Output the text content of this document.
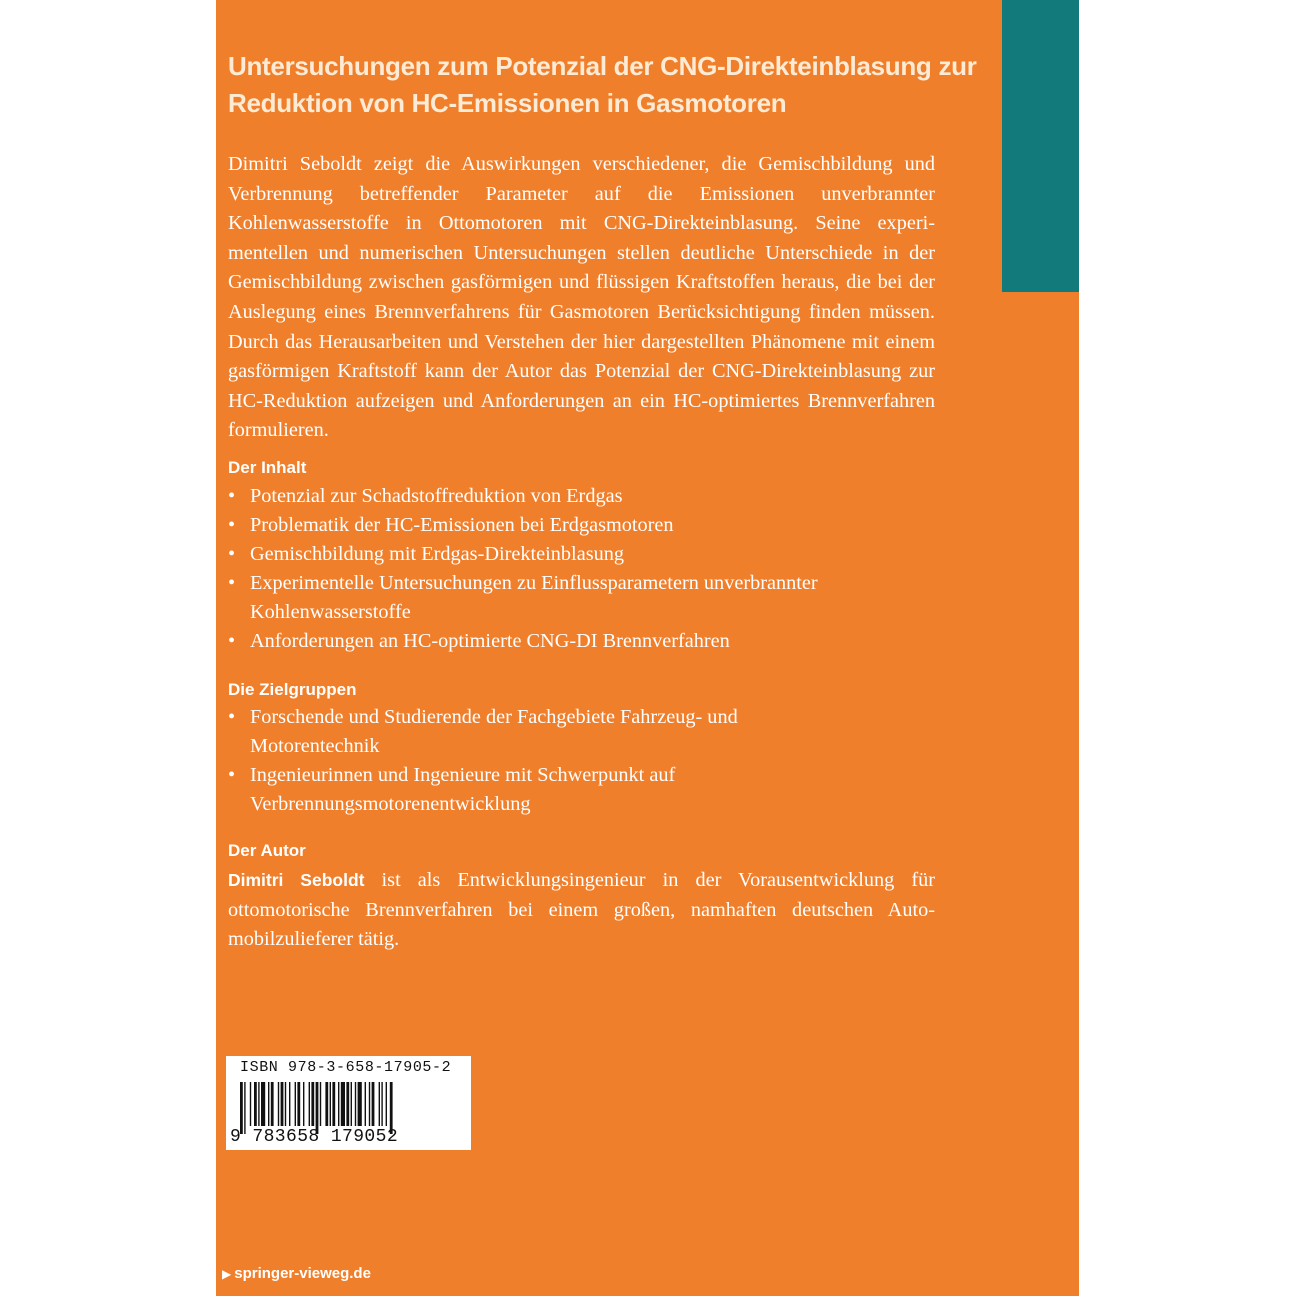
Untersuchungen zum Potenzial der CNG-Direkteinblasung zur Reduktion von HC-Emissionen in Gasmotoren

Dimitri Seboldt zeigt die Auswirkungen verschiedener, die Gemischbildung und Verbrennung betreffender Parameter auf die Emissionen unverbrannter Kohlenwasserstoffe in Ottomotoren mit CNG-Direkteinblasung. Seine experimentellen und numerischen Untersuchungen stellen deutliche Unterschiede in der Gemischbildung zwischen gasförmigen und flüssigen Kraftstoffen heraus, die bei der Auslegung eines Brennverfahrens für Gasmotoren Berücksichtigung finden müssen. Durch das Herausarbeiten und Verstehen der hier dargestellten Phänomene mit einem gasförmigen Kraftstoff kann der Autor das Potenzial der CNG-Direkteinblasung zur HC-Reduktion aufzeigen und Anforderungen an ein HC-optimiertes Brennverfahren formulieren.

Der Inhalt
• Potenzial zur Schadstoffreduktion von Erdgas
• Problematik der HC-Emissionen bei Erdgasmotoren
• Gemischbildung mit Erdgas-Direkteinblasung
• Experimentelle Untersuchungen zu Einflussparametern unverbrannter Kohlenwasserstoffe
• Anforderungen an HC-optimierte CNG-DI Brennverfahren
Die Zielgruppen
• Forschende und Studierende der Fachgebiete Fahrzeug- und Motorentechnik
• Ingenieurinnen und Ingenieure mit Schwerpunkt auf Verbrennungsmotorenentwicklung
Der Autor

Dimitri Seboldt ist als Entwicklungsingenieur in der Vorausentwicklung für ottomotorische Brennverfahren bei einem großen, namhaften deutschen Automobilzulieferer tätig.

ISBN 978-3-658-17905-2

9 783658 179052

▶ springer-vieweg.de
